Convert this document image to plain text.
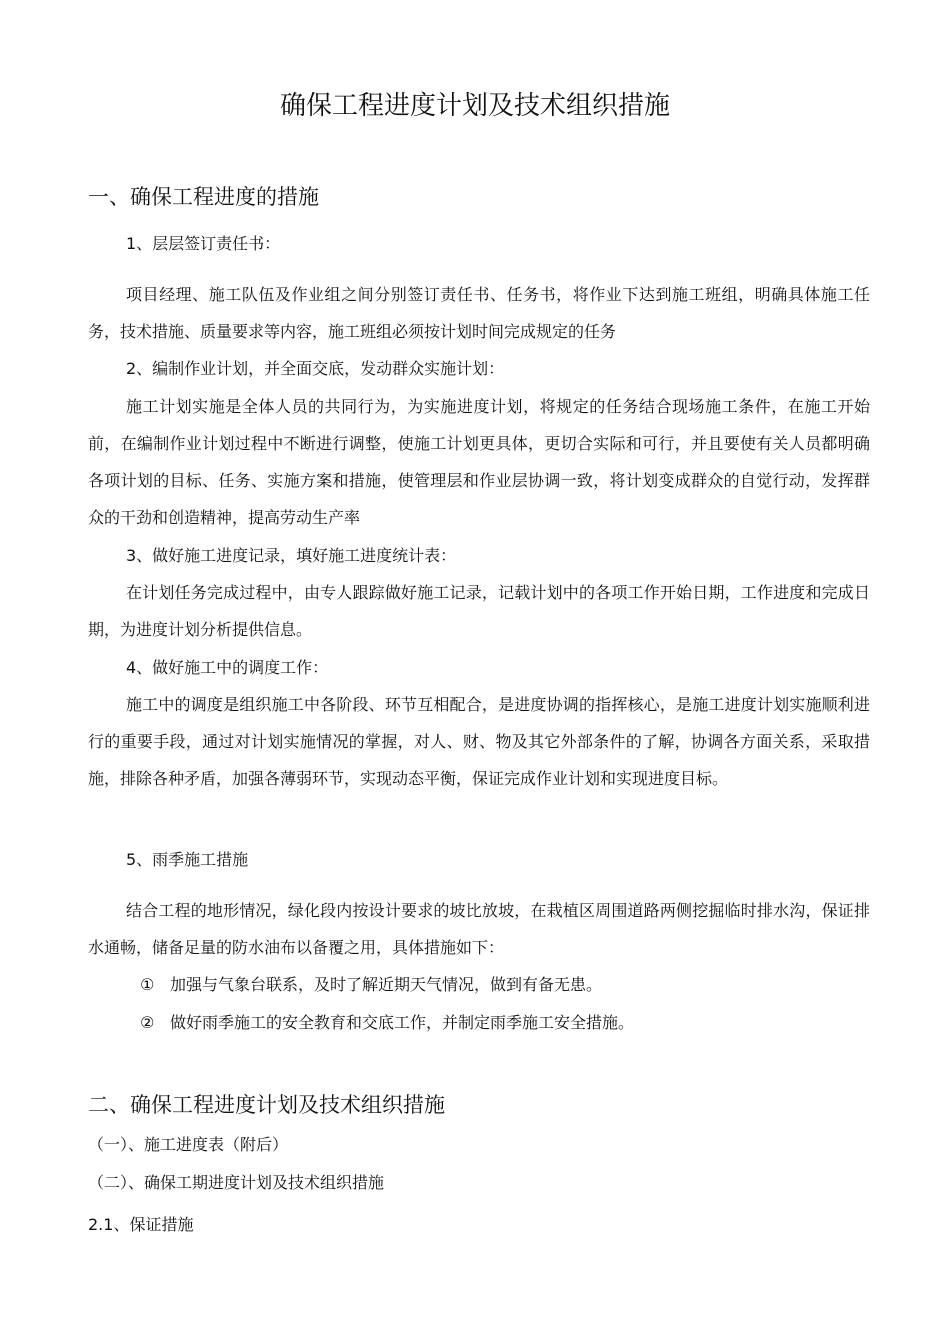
确保工程进度计划及技术组织措施
一、确保工程进度的措施

1、层层签订责任书：

项目经理、施工队伍及作业组之间分别签订责任书、任务书，将作业下达到施工班组，明确具体施工任务，技术措施、质量要求等内容，施工班组必须按计划时间完成规定的任务

2、编制作业计划，并全面交底，发动群众实施计划：

施工计划实施是全体人员的共同行为，为实施进度计划，将规定的任务结合现场施工条件，在施工开始前，在编制作业计划过程中不断进行调整，使施工计划更具体，更切合实际和可行，并且要使有关人员都明确各项计划的目标、任务、实施方案和措施，使管理层和作业层协调一致，将计划变成群众的自觉行动，发挥群众的干劲和创造精神，提高劳动生产率

3、做好施工进度记录，填好施工进度统计表：

在计划任务完成过程中，由专人跟踪做好施工记录，记载计划中的各项工作开始日期，工作进度和完成日期，为进度计划分析提供信息。

4、做好施工中的调度工作：

施工中的调度是组织施工中各阶段、环节互相配合，是进度协调的指挥核心，是施工进度计划实施顺利进行的重要手段，通过对计划实施情况的掌握，对人、财、物及其它外部条件的了解，协调各方面关系，采取措施，排除各种矛盾，加强各薄弱环节，实现动态平衡，保证完成作业计划和实现进度目标。

5、雨季施工措施

结合工程的地形情况，绿化段内按设计要求的坡比放坡，在栽植区周围道路两侧挖掘临时排水沟，保证排水通畅，储备足量的防水油布以备覆之用，具体措施如下：

① 加强与气象台联系，及时了解近期天气情况，做到有备无患。

② 做好雨季施工的安全教育和交底工作，并制定雨季施工安全措施。

二、确保工程进度计划及技术组织措施

（一）、施工进度表（附后）

（二）、确保工期进度计划及技术组织措施

2.1、保证措施
